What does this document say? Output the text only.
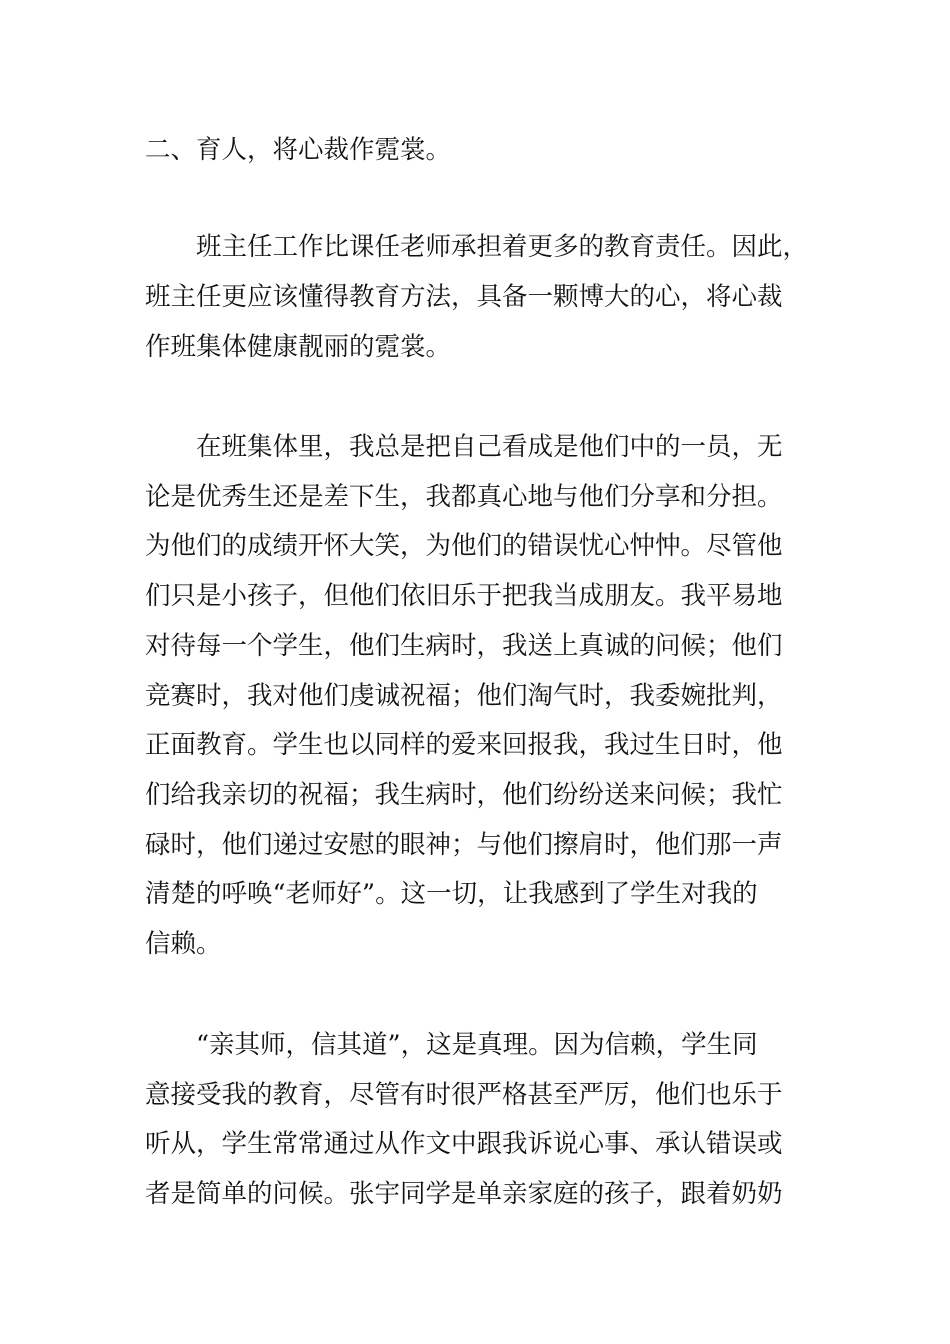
二、育人，将心裁作霓裳。
　　班主任工作比课任老师承担着更多的教育责任。因此，
班主任更应该懂得教育方法，具备一颗博大的心，将心裁
作班集体健康靓丽的霓裳。
　　在班集体里，我总是把自己看成是他们中的一员，无
论是优秀生还是差下生，我都真心地与他们分享和分担。
为他们的成绩开怀大笑，为他们的错误忧心忡忡。尽管他
们只是小孩子，但他们依旧乐于把我当成朋友。我平易地
对待每一个学生，他们生病时，我送上真诚的问候；他们
竞赛时，我对他们虔诚祝福；他们淘气时，我委婉批判，
正面教育。学生也以同样的爱来回报我，我过生日时，他
们给我亲切的祝福；我生病时，他们纷纷送来问候；我忙
碌时，他们递过安慰的眼神；与他们擦肩时，他们那一声
清楚的呼唤“老师好”。这一切，让我感到了学生对我的
信赖。
　　“亲其师，信其道”，这是真理。因为信赖，学生同
意接受我的教育，尽管有时很严格甚至严厉，他们也乐于
听从，学生常常通过从作文中跟我诉说心事、承认错误或
者是简单的问候。张宇同学是单亲家庭的孩子，跟着奶奶
